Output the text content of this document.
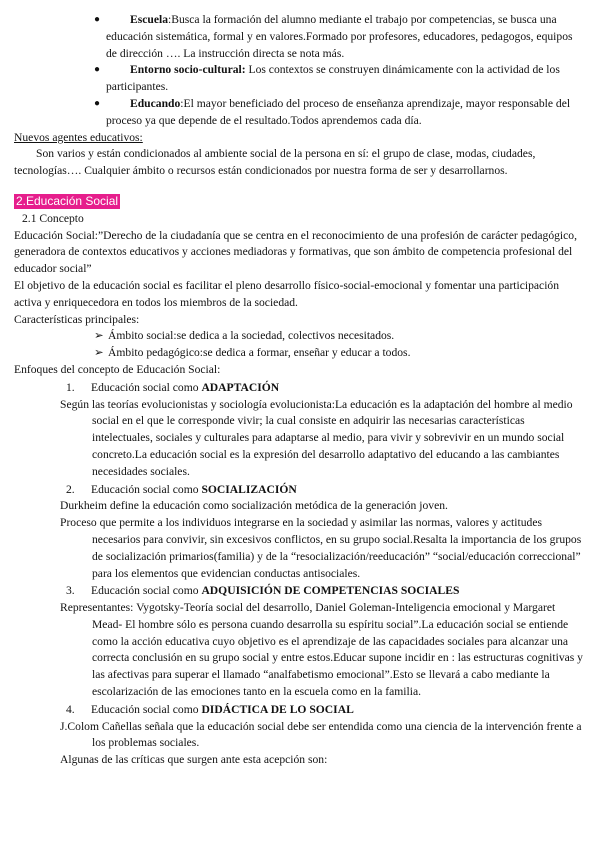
●	Escuela:Busca la formación del alumno mediante el trabajo por competencias, se busca una educación sistemática, formal y en valores.Formado por profesores, educadores, pedagogos, equipos de dirección …. La instrucción directa se nota más.
●	Entorno socio-cultural: Los contextos se construyen dinámicamente con la actividad de los participantes.
●	Educando:El mayor beneficiado del proceso de enseñanza aprendizaje, mayor responsable del proceso ya que depende de el resultado.Todos aprendemos cada día.

Nuevos agentes educativos:

Son varios y están condicionados al ambiente social de la persona en sí: el grupo de clase, modas, ciudades, tecnologías…. Cualquier ámbito o recursos están condicionados por nuestra forma de ser y desarrollarnos.

2.Educación Social

2.1 Concepto

Educación Social:”Derecho de la ciudadanía que se centra en el reconocimiento de una profesión de carácter pedagógico, generadora de contextos educativos y acciones mediadoras y formativas, que son ámbito de competencia profesional del educador social”

El objetivo de la educación social es facilitar el pleno desarrollo físico-social-emocional y fomentar una participación activa y enriquecedora en todos los miembros de la sociedad.

Características principales:

➢ Ámbito social:se dedica a la sociedad, colectivos necesitados.
➢ Ámbito pedagógico:se dedica a formar, enseñar y educar a todos.

Enfoques del concepto de Educación Social:

1. Educación social como ADAPTACIÓN

Según las teorías evolucionistas y sociología evolucionista:La educación es la adaptación del hombre al medio social en el que le corresponde vivir; la cual consiste en adquirir las necesarias características intelectuales, sociales y culturales para adaptarse al medio, para vivir y sobrevivir en un mundo social concreto.La educación social es la expresión del desarrollo adaptativo del educando a las cambiantes necesidades sociales.

2. Educación social como SOCIALIZACIÓN

Durkheim define la educación como socialización metódica de la generación joven.

Proceso que permite a los individuos integrarse en la sociedad y asimilar las normas, valores y actitudes necesarios para convivir, sin excesivos conflictos, en su grupo social.Resalta la importancia de los grupos de socialización primarios(familia) y de la “resocialización/reeducación” “social/educación correccional” para los elementos que evidencian conductas antisociales.

3. Educación social como ADQUISICIÓN DE COMPETENCIAS SOCIALES

Representantes: Vygotsky-Teoría social del desarrollo, Daniel Goleman-Inteligencia emocional y Margaret Mead- El hombre sólo es persona cuando desarrolla su espíritu social”.La educación social se entiende como la acción educativa cuyo objetivo es el aprendizaje de las capacidades sociales para alcanzar una correcta conclusión en su grupo social y entre estos.Educar supone incidir en : las estructuras cognitivas y las afectivas para superar el llamado “analfabetismo emocional”.Esto se llevará a cabo mediante la escolarización de las emociones tanto en la escuela como en la familia.

4. Educación social como DIDÁCTICA DE LO SOCIAL

J.Colom Cañellas señala que la educación social debe ser entendida como una ciencia de la intervención frente a los problemas sociales.

Algunas de las críticas que surgen ante esta acepción son:
